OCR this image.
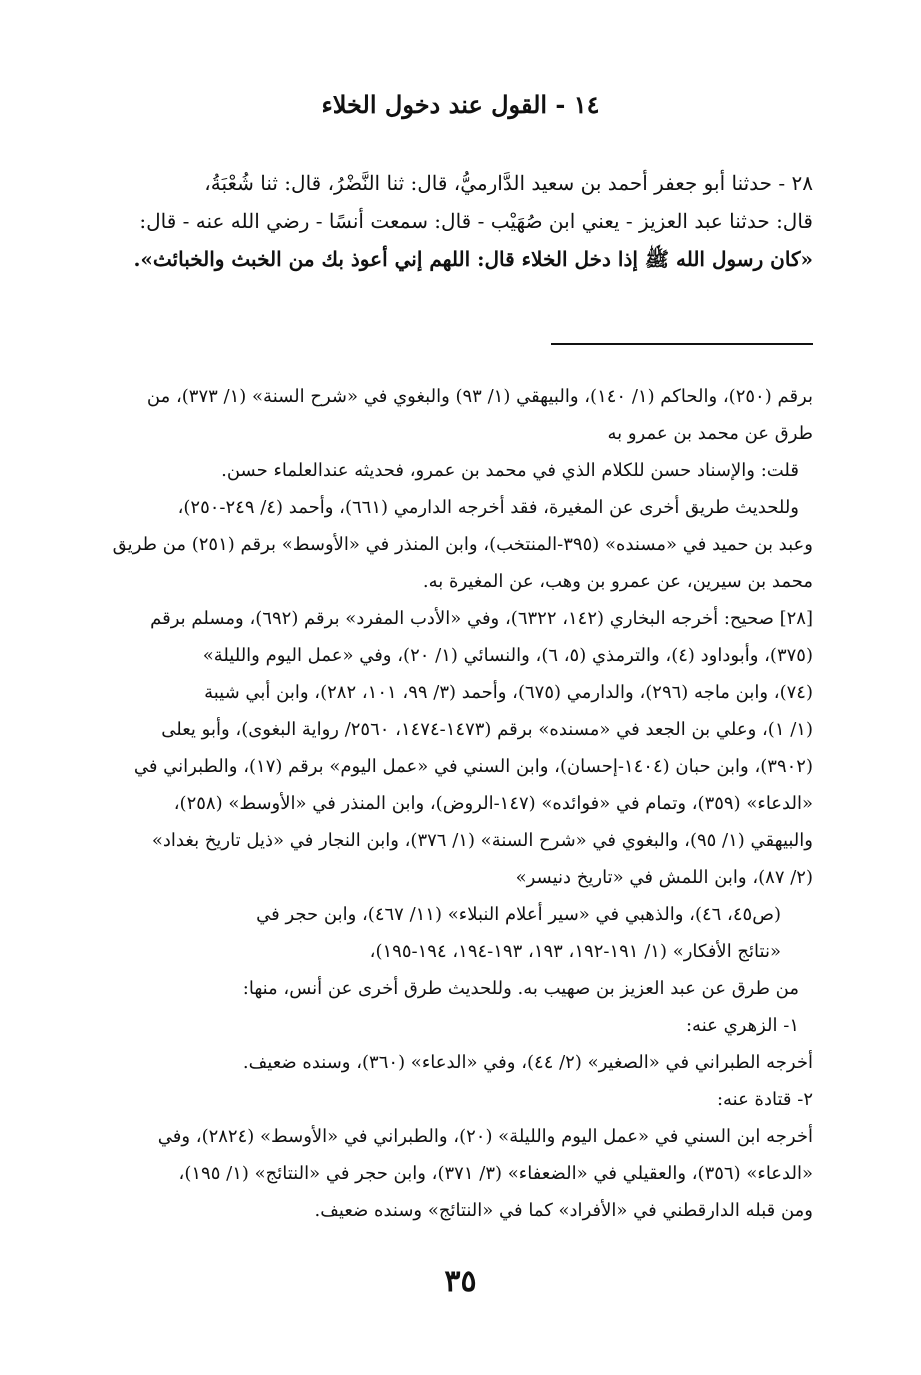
١٤ - القول عند دخول الخلاء
٢٨ - حدثنا أبو جعفر أحمد بن سعيد الدَّارميُّ، قال: ثنا النَّضْرُ، قال: ثنا شُعْبَةُ،
قال: حدثنا عبد العزيز - يعني ابن صُهَيْب - قال: سمعت أنسًا - رضي الله عنه - قال:
«كان رسول الله ﷺ إذا دخل الخلاء قال: اللهم إني أعوذ بك من الخبث والخبائث».
برقم (٢٥٠)، والحاكم (١/ ١٤٠)، والبيهقي (١/ ٩٣) والبغوي في «شرح السنة» (١/ ٣٧٣)، من
طرق عن محمد بن عمرو به
قلت: والإسناد حسن للكلام الذي في محمد بن عمرو، فحديثه عندالعلماء حسن.
وللحديث طريق أخرى عن المغيرة، فقد أخرجه الدارمي (٦٦١)، وأحمد (٤/ ٢٤٩-٢٥٠)،
وعبد بن حميد في «مسنده» (٣٩٥-المنتخب)، وابن المنذر في «الأوسط» برقم (٢٥١) من طريق
محمد بن سيرين، عن عمرو بن وهب، عن المغيرة به.
[٢٨] صحيح: أخرجه البخاري (١٤٢، ٦٣٢٢)، وفي «الأدب المفرد» برقم (٦٩٢)، ومسلم برقم
(٣٧٥)، وأبوداود (٤)، والترمذي (٥، ٦)، والنسائي (١/ ٢٠)، وفي «عمل اليوم والليلة»
(٧٤)، وابن ماجه (٢٩٦)، والدارمي (٦٧٥)، وأحمد (٣/ ٩٩، ١٠١، ٢٨٢)، وابن أبي شيبة
(١/ ١)، وعلي بن الجعد في «مسنده» برقم (١٤٧٣-١٤٧٤، ٢٥٦٠/ رواية البغوى)، وأبو يعلى
(٣٩٠٢)، وابن حبان (١٤٠٤-إحسان)، وابن السني في «عمل اليوم» برقم (١٧)، والطبراني في
«الدعاء» (٣٥٩)، وتمام في «فوائده» (١٤٧-الروض)، وابن المنذر في «الأوسط» (٢٥٨)،
والبيهقي (١/ ٩٥)، والبغوي في «شرح السنة» (١/ ٣٧٦)، وابن النجار في «ذيل تاريخ بغداد»
(٢/ ٨٧)، وابن اللمش في «تاريخ دنيسر»
(ص٤٥، ٤٦)، والذهبي في «سير أعلام النبلاء» (١١/ ٤٦٧)، وابن حجر في
«نتائج الأفكار» (١/ ١٩١-١٩٢، ١٩٣، ١٩٣-١٩٤، ١٩٤-١٩٥)،
من طرق عن عبد العزيز بن صهيب به. وللحديث طرق أخرى عن أنس، منها:
١- الزهري عنه:
أخرجه الطبراني في «الصغير» (٢/ ٤٤)، وفي «الدعاء» (٣٦٠)، وسنده ضعيف.
٢- قتادة عنه:
أخرجه ابن السني في «عمل اليوم والليلة» (٢٠)، والطبراني في «الأوسط» (٢٨٢٤)، وفي
«الدعاء» (٣٥٦)، والعقيلي في «الضعفاء» (٣/ ٣٧١)، وابن حجر في «النتائج» (١/ ١٩٥)،
ومن قبله الدارقطني في «الأفراد» كما في «النتائج» وسنده ضعيف.
٣٥
